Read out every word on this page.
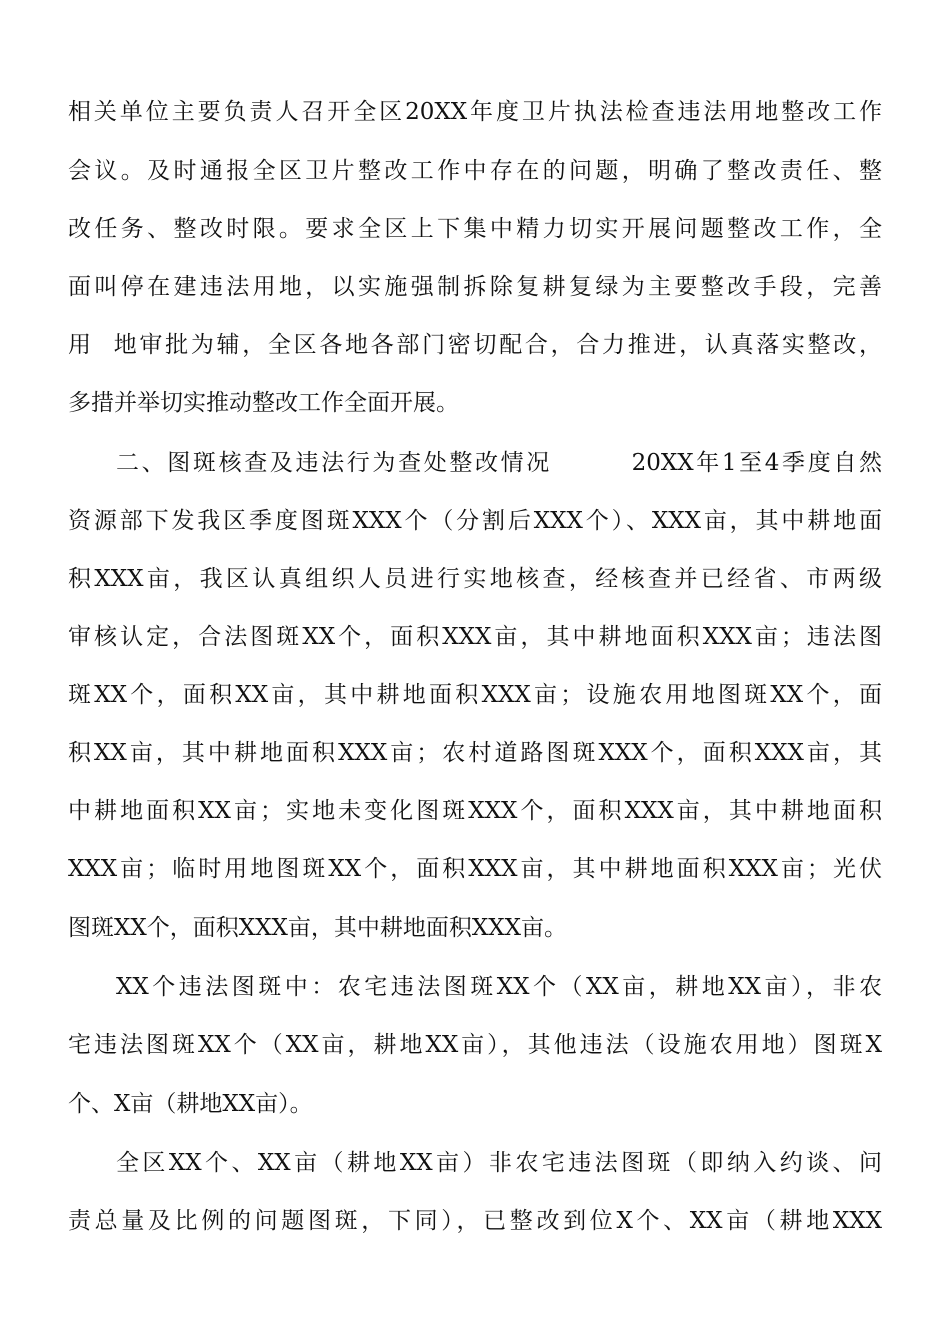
相关单位主要负责人召开全区20XX年度卫片执法检查违法用地整改工作
会议。及时通报全区卫片整改工作中存在的问题，明确了整改责任、整
改任务、整改时限。要求全区上下集中精力切实开展问题整改工作，全
面叫停在建违法用地，以实施强制拆除复耕复绿为主要整改手段，完善
用  地审批为辅，全区各地各部门密切配合，合力推进，认真落实整改，
多措并举切实推动整改工作全面开展。
二、图斑核查及违法行为查处整改情况        20XX年1至4季度自然
资源部下发我区季度图斑XXX个（分割后XXX个）、XXX亩，其中耕地面
积XXX亩，我区认真组织人员进行实地核查，经核查并已经省、市两级
审核认定，合法图斑XX个，面积XXX亩，其中耕地面积XXX亩；违法图
斑XX个，面积XX亩，其中耕地面积XXX亩；设施农用地图斑XX个，面
积XX亩，其中耕地面积XXX亩；农村道路图斑XXX个，面积XXX亩，其
中耕地面积XX亩；实地未变化图斑XXX个，面积XXX亩，其中耕地面积
XXX亩；临时用地图斑XX个，面积XXX亩，其中耕地面积XXX亩；光伏
图斑XX个，面积XXX亩，其中耕地面积XXX亩。
XX个违法图斑中：农宅违法图斑XX个（XX亩，耕地XX亩），非农
宅违法图斑XX个（XX亩，耕地XX亩），其他违法（设施农用地）图斑X
个、X亩（耕地XX亩）。
全区XX个、XX亩（耕地XX亩）非农宅违法图斑（即纳入约谈、问
责总量及比例的问题图斑，下同），已整改到位X个、XX亩（耕地XXX
